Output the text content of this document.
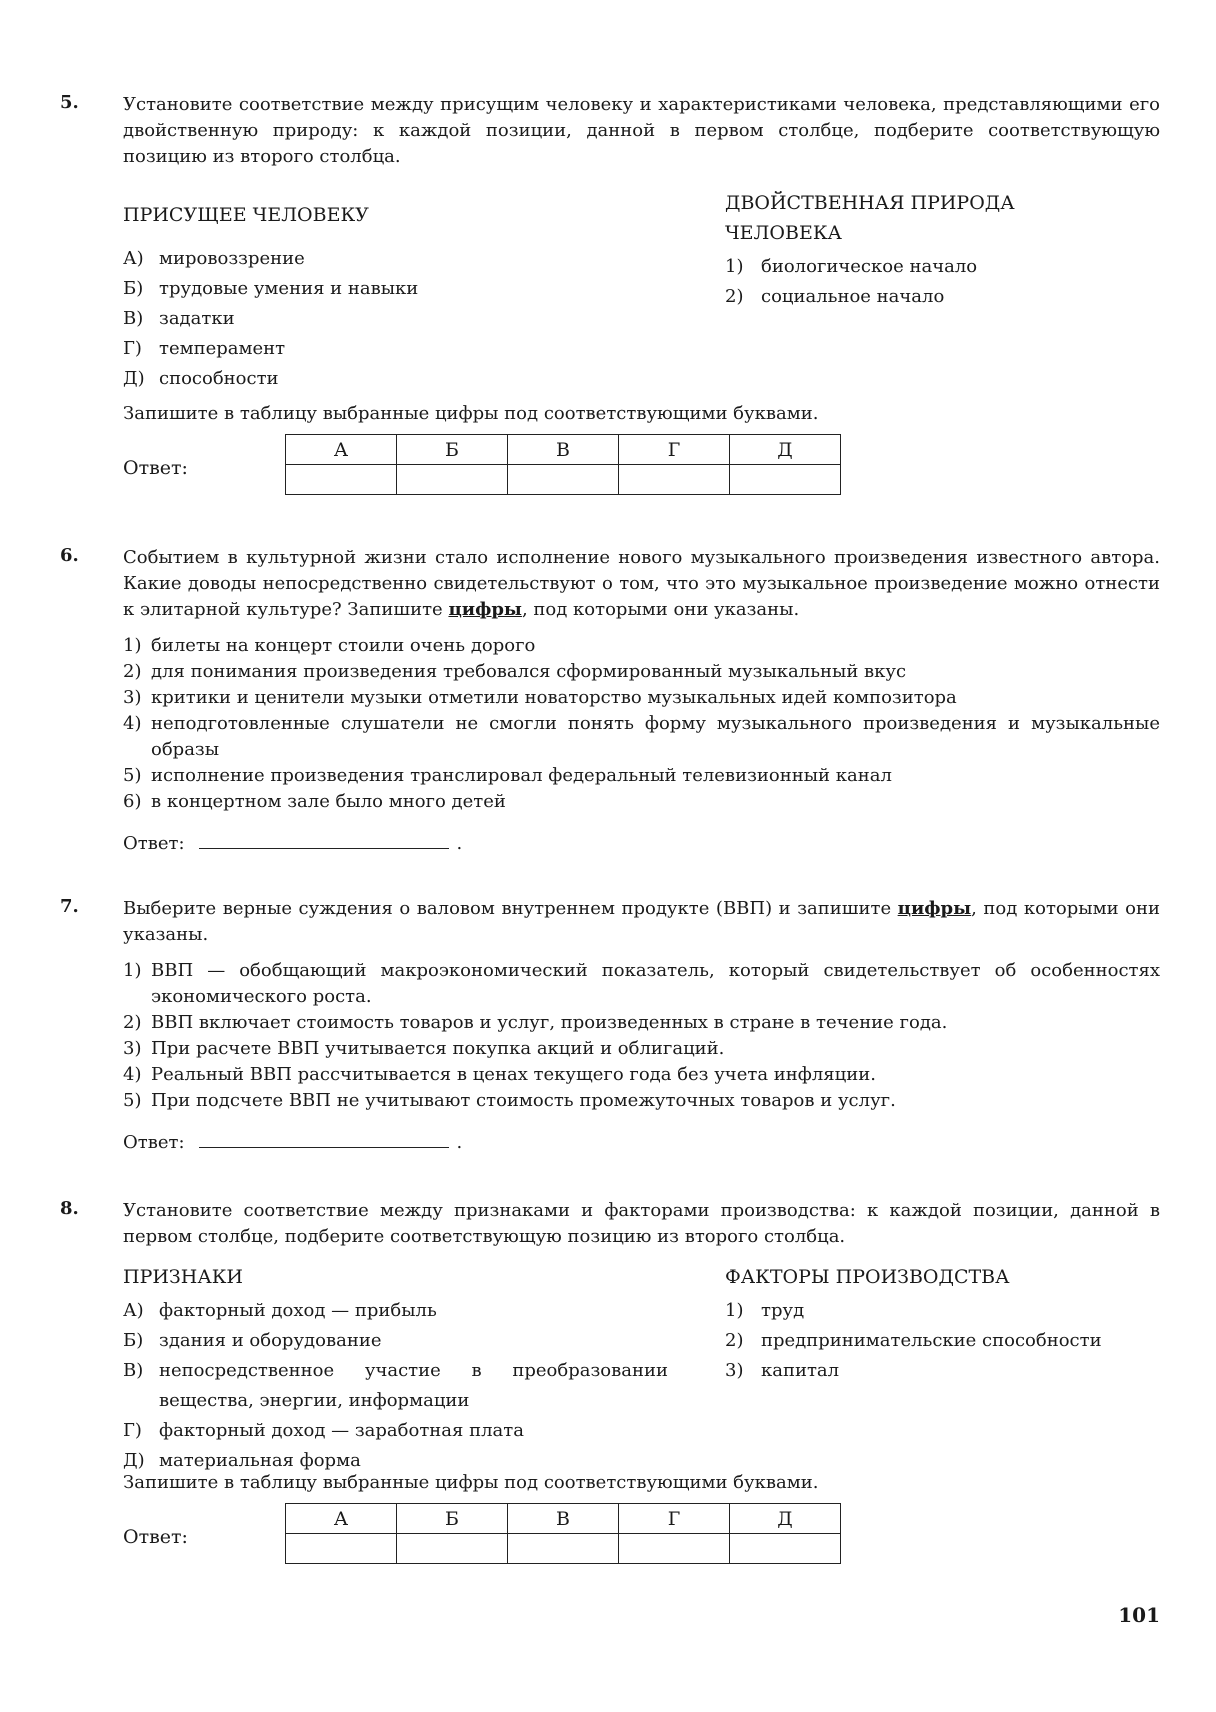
5. Установите соответствие между присущим человеку и характеристиками человека, представляющими его двойственную природу: к каждой позиции, данной в первом столбце, подберите соответствующую позицию из второго столбца.

ПРИСУЩЕЕ ЧЕЛОВЕКУ
А) мировоззрение
Б) трудовые умения и навыки
В) задатки
Г) темперамент
Д) способности
ДВОЙСТВЕННАЯ ПРИРОДА ЧЕЛОВЕКА
1) биологическое начало
2) социальное начало

Запишите в таблицу выбранные цифры под соответствующими буквами.

Ответ:
А	Б	В	Г	Д

6. Событием в культурной жизни стало исполнение нового музыкального произведения известного автора. Какие доводы непосредственно свидетельствуют о том, что это музыкальное произведение можно отнести к элитарной культуре? Запишите цифры, под которыми они указаны.

1) билеты на концерт стоили очень дорого
2) для понимания произведения требовался сформированный музыкальный вкус
3) критики и ценители музыки отметили новаторство музыкальных идей композитора
4) неподготовленные слушатели не смогли понять форму музыкального произведения и музыкальные образы
5) исполнение произведения транслировал федеральный телевизионный канал
6) в концертном зале было много детей

Ответ:	.

7. Выберите верные суждения о валовом внутреннем продукте (ВВП) и запишите цифры, под которыми они указаны.

1) ВВП — обобщающий макроэкономический показатель, который свидетельствует об особенностях экономического роста.
2) ВВП включает стоимость товаров и услуг, произведенных в стране в течение года.
3) При расчете ВВП учитывается покупка акций и облигаций.
4) Реальный ВВП рассчитывается в ценах текущего года без учета инфляции.
5) При подсчете ВВП не учитывают стоимость промежуточных товаров и услуг.

Ответ:	.

8. Установите соответствие между признаками и факторами производства: к каждой позиции, данной в первом столбце, подберите соответствующую позицию из второго столбца.

ПРИЗНАКИ
А) факторный доход — прибыль
Б) здания и оборудование
В) непосредственное участие в преобразовании вещества, энергии, информации
Г) факторный доход — заработная плата
Д) материальная форма
ФАКТОРЫ ПРОИЗВОДСТВА
1) труд
2) предпринимательские способности
3) капитал

Запишите в таблицу выбранные цифры под соответствующими буквами.

Ответ:
А	Б	В	Г	Д

101
